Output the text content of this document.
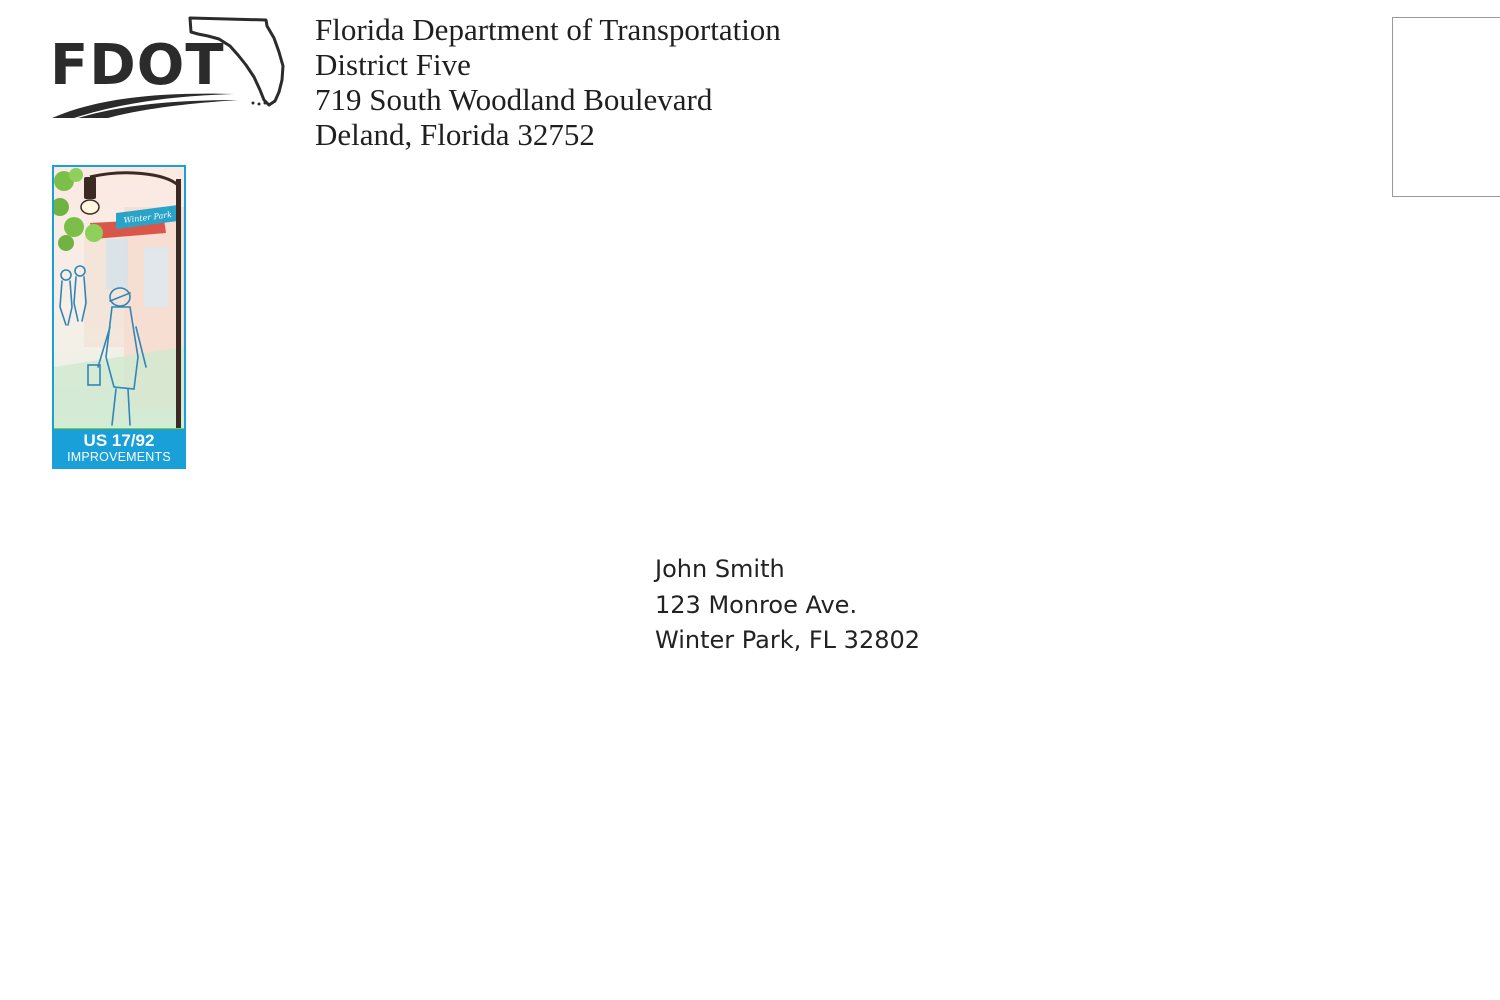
FDOT
Florida Department of Transportation
District Five
719 South Woodland Boulevard
Deland, Florida 32752
Winter Park
US 17/92
IMPROVEMENTS
John Smith
123 Monroe Ave.
Winter Park, FL 32802
